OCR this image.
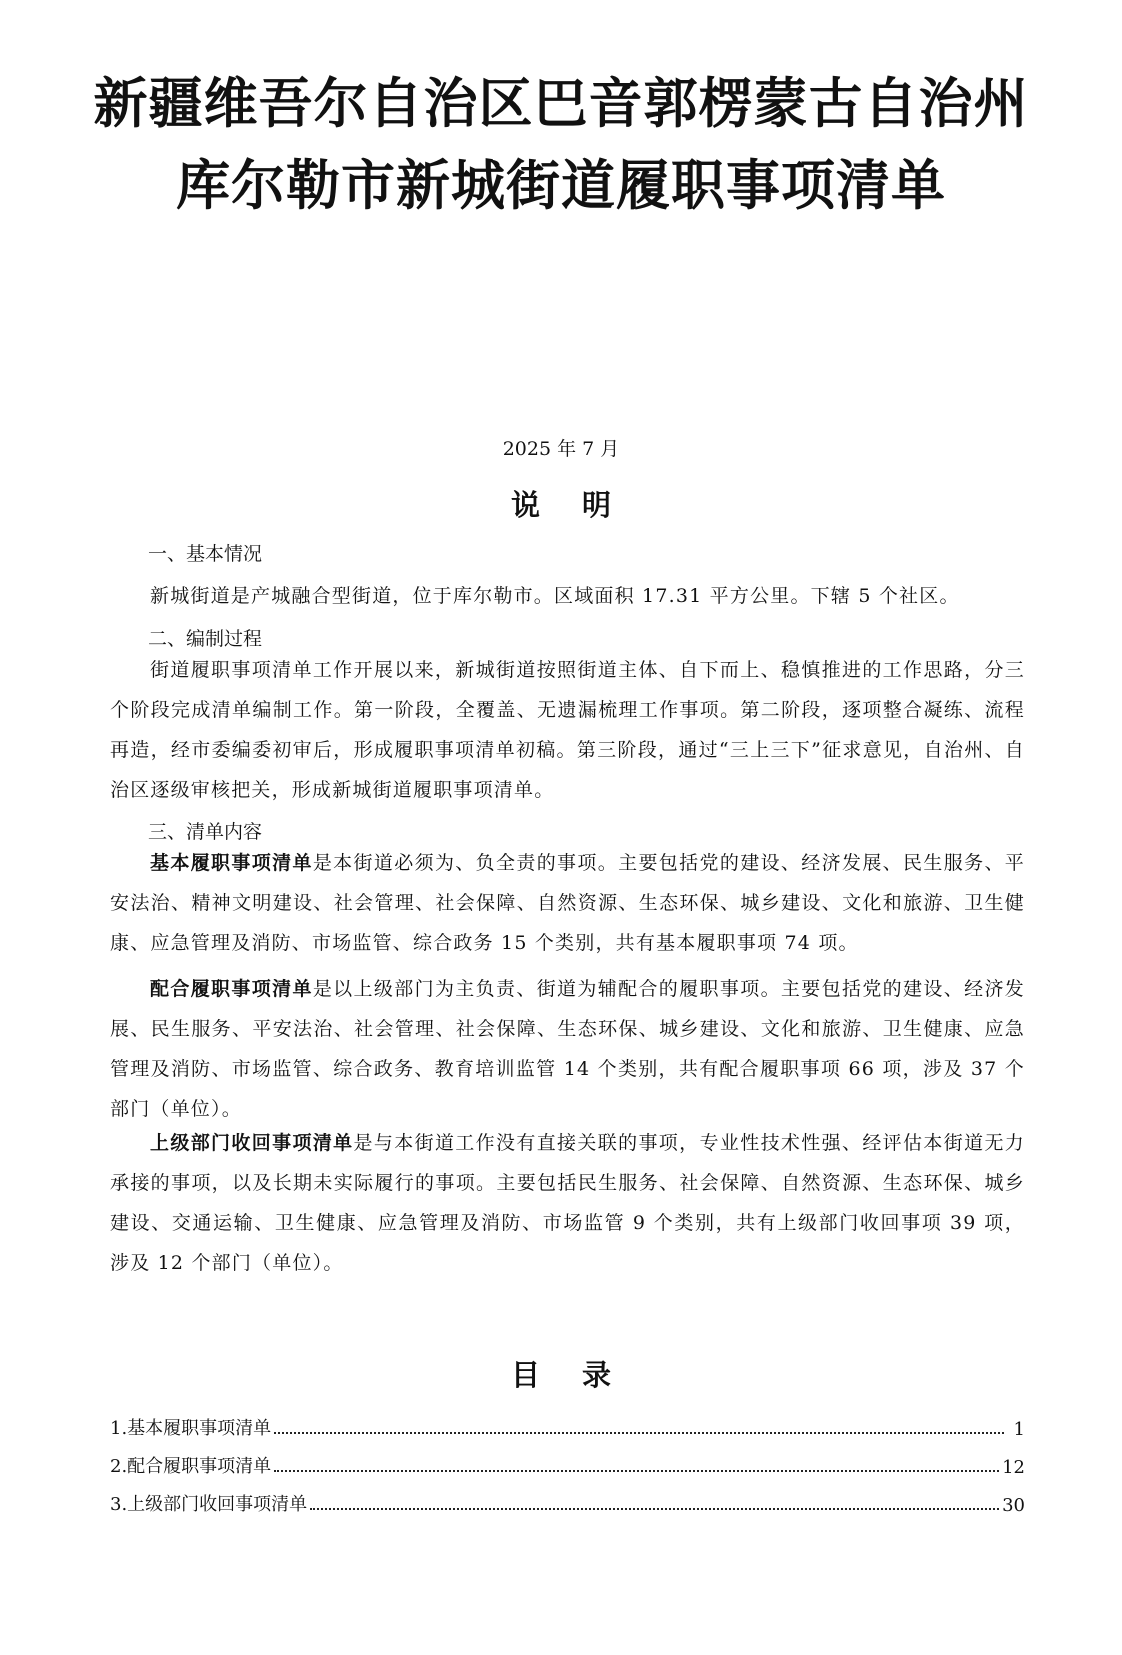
新疆维吾尔自治区巴音郭楞蒙古自治州
库尔勒市新城街道履职事项清单
2025 年 7 月
说明
一、基本情况

新城街道是产城融合型街道，位于库尔勒市。区域面积 17.31 平方公里。下辖 5 个社区。

二、编制过程

街道履职事项清单工作开展以来，新城街道按照街道主体、自下而上、稳慎推进的工作思路，分三个阶段完成清单编制工作。第一阶段，全覆盖、无遗漏梳理工作事项。第二阶段，逐项整合凝练、流程再造，经市委编委初审后，形成履职事项清单初稿。第三阶段，通过“三上三下”征求意见，自治州、自治区逐级审核把关，形成新城街道履职事项清单。

三、清单内容

基本履职事项清单是本街道必须为、负全责的事项。主要包括党的建设、经济发展、民生服务、平安法治、精神文明建设、社会管理、社会保障、自然资源、生态环保、城乡建设、文化和旅游、卫生健康、应急管理及消防、市场监管、综合政务 15 个类别，共有基本履职事项 74 项。

配合履职事项清单是以上级部门为主负责、街道为辅配合的履职事项。主要包括党的建设、经济发展、民生服务、平安法治、社会管理、社会保障、生态环保、城乡建设、文化和旅游、卫生健康、应急管理及消防、市场监管、综合政务、教育培训监管 14 个类别，共有配合履职事项 66 项，涉及 37 个部门（单位）。

上级部门收回事项清单是与本街道工作没有直接关联的事项，专业性技术性强、经评估本街道无力承接的事项，以及长期未实际履行的事项。主要包括民生服务、社会保障、自然资源、生态环保、城乡建设、交通运输、卫生健康、应急管理及消防、市场监管 9 个类别，共有上级部门收回事项 39 项，涉及 12 个部门（单位）。

目录
1.基本履职事项清单	1
2.配合履职事项清单	12
3.上级部门收回事项清单	30
